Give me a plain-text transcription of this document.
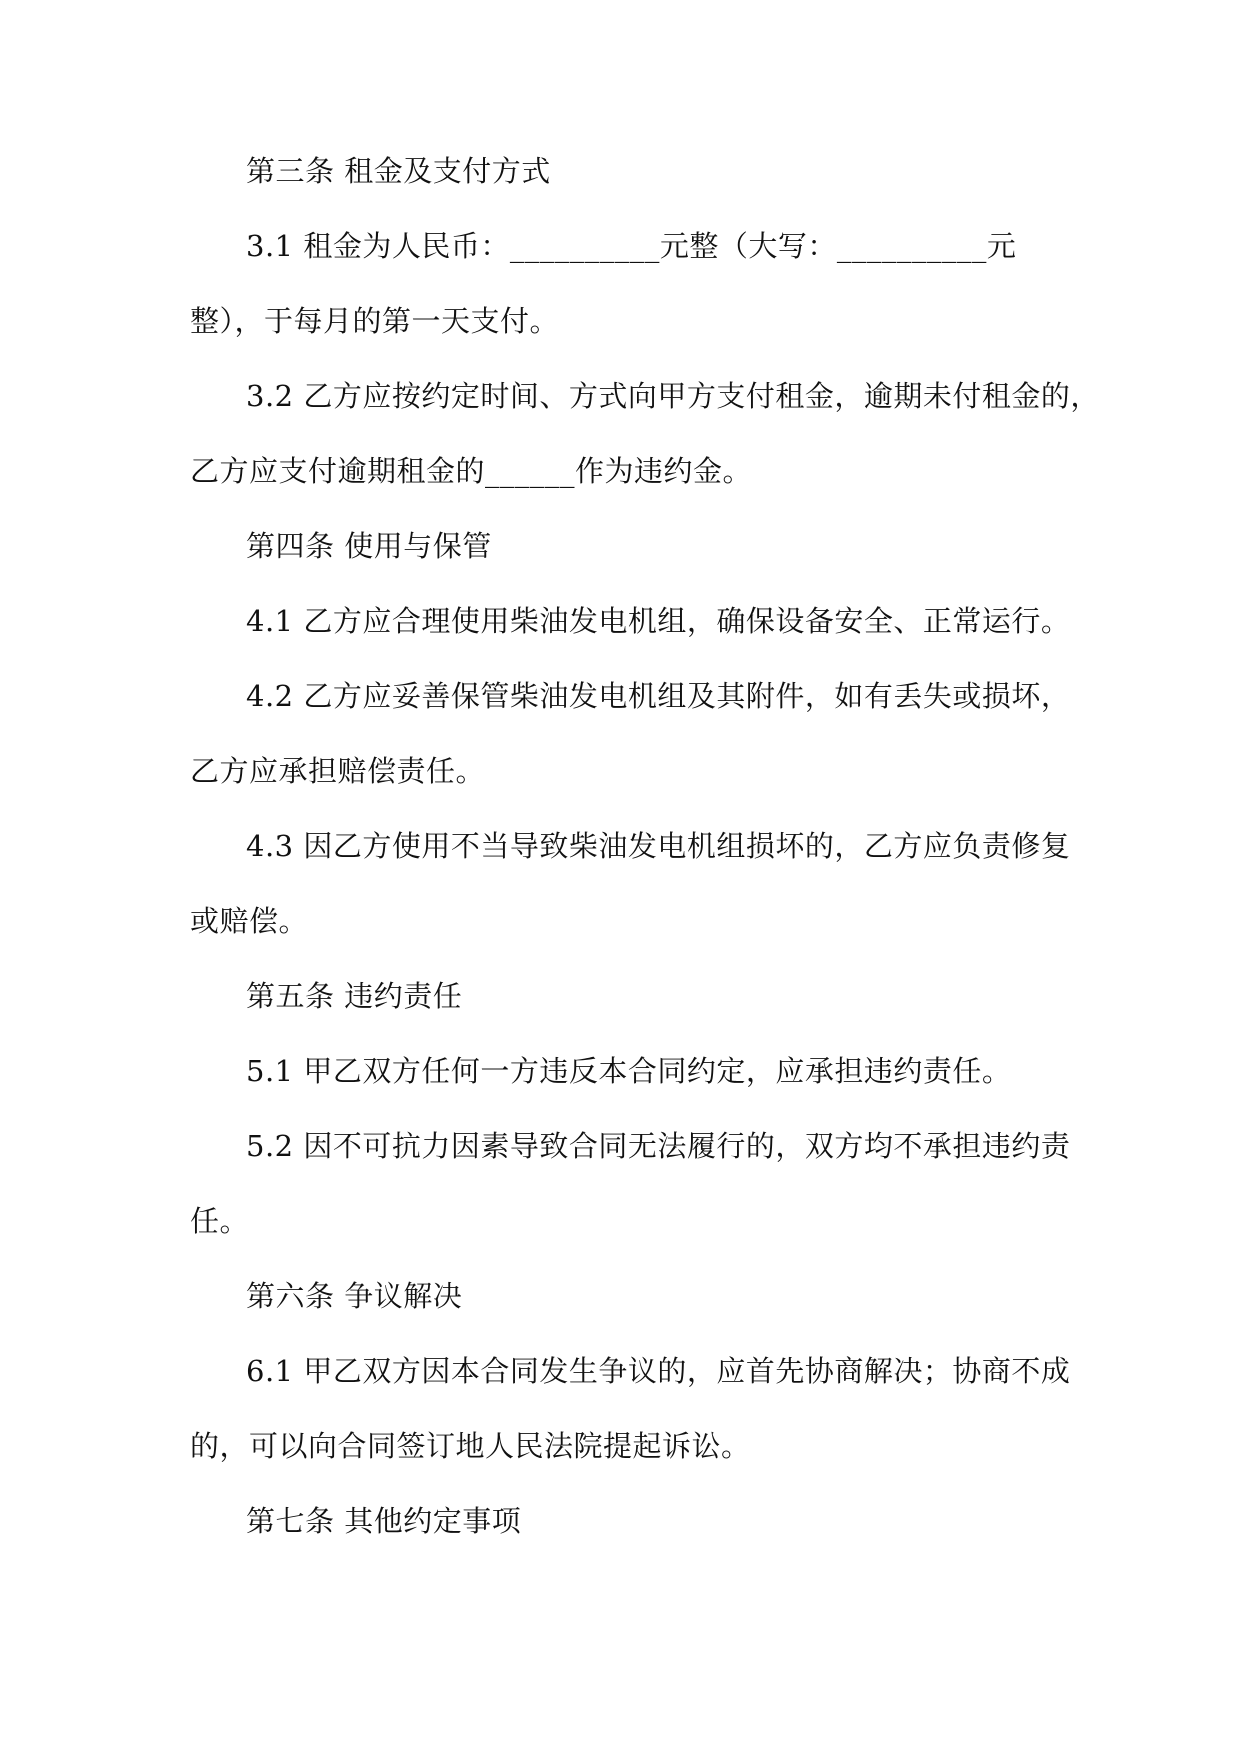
第三条 租金及支付方式
3.1 租金为人民币：__________元整（大写：__________元
整），于每月的第一天支付。
3.2 乙方应按约定时间、方式向甲方支付租金，逾期未付租金的，
乙方应支付逾期租金的______作为违约金。
第四条 使用与保管
4.1 乙方应合理使用柴油发电机组，确保设备安全、正常运行。
4.2 乙方应妥善保管柴油发电机组及其附件，如有丢失或损坏，
乙方应承担赔偿责任。
4.3 因乙方使用不当导致柴油发电机组损坏的，乙方应负责修复
或赔偿。
第五条 违约责任
5.1 甲乙双方任何一方违反本合同约定，应承担违约责任。
5.2 因不可抗力因素导致合同无法履行的，双方均不承担违约责
任。
第六条 争议解决
6.1 甲乙双方因本合同发生争议的，应首先协商解决；协商不成
的，可以向合同签订地人民法院提起诉讼。
第七条 其他约定事项
